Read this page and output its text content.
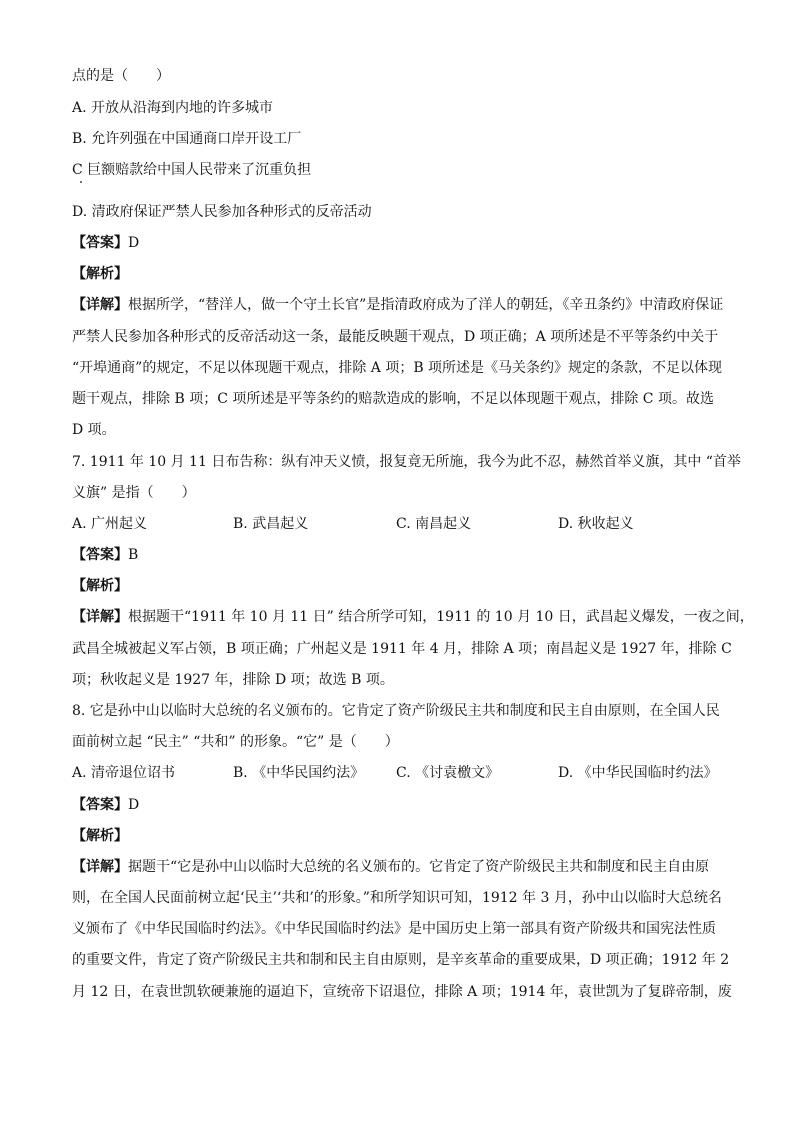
点的是（　　）
A. 开放从沿海到内地的许多城市
B. 允许列强在中国通商口岸开设工厂
C 巨额赔款给中国人民带来了沉重负担
D. 清政府保证严禁人民参加各种形式的反帝活动
【答案】D
【解析】
【详解】根据所学，“替洋人，做一个守土长官”是指清政府成为了洋人的朝廷，《辛丑条约》中清政府保证
严禁人民参加各种形式的反帝活动这一条，最能反映题干观点，D 项正确；A 项所述是不平等条约中关于
“开埠通商”的规定，不足以体现题干观点，排除 A 项；B 项所述是《马关条约》规定的条款，不足以体现
题干观点，排除 B 项；C 项所述是平等条约的赔款造成的影响，不足以体现题干观点，排除 C 项。故选
D 项。
7. 1911 年 10 月 11 日布告称：纵有冲天义愤，报复竟无所施，我今为此不忍，赫然首举义旗，其中 “首举
义旗” 是指（　　）
A. 广州起义	B. 武昌起义	C. 南昌起义	D. 秋收起义
【答案】B
【解析】
【详解】根据题干“1911 年 10 月 11 日” 结合所学可知，1911 的 10 月 10 日，武昌起义爆发，一夜之间，
武昌全城被起义军占领，B 项正确；广州起义是 1911 年 4 月，排除 A 项；南昌起义是 1927 年，排除 C
项；秋收起义是 1927 年，排除 D 项；故选 B 项。
8. 它是孙中山以临时大总统的名义颁布的。它肯定了资产阶级民主共和制度和民主自由原则，在全国人民
面前树立起 “民主” “共和” 的形象。“它” 是（　　）
A. 清帝退位诏书	B. 《中华民国约法》 C. 《讨袁檄文》	D. 《中华民国临时约法》
【答案】D
【解析】
【详解】据题干“它是孙中山以临时大总统的名义颁布的。它肯定了资产阶级民主共和制度和民主自由原
则，在全国人民面前树立起‘民主’‘共和’的形象。”和所学知识可知，1912 年 3 月，孙中山以临时大总统名
义颁布了《中华民国临时约法》。《中华民国临时约法》是中国历史上第一部具有资产阶级共和国宪法性质
的重要文件，肯定了资产阶级民主共和制和民主自由原则，是辛亥革命的重要成果，D 项正确；1912 年 2
月 12 日，在袁世凯软硬兼施的逼迫下，宣统帝下诏退位，排除 A 项；1914 年，袁世凯为了复辟帝制，废
